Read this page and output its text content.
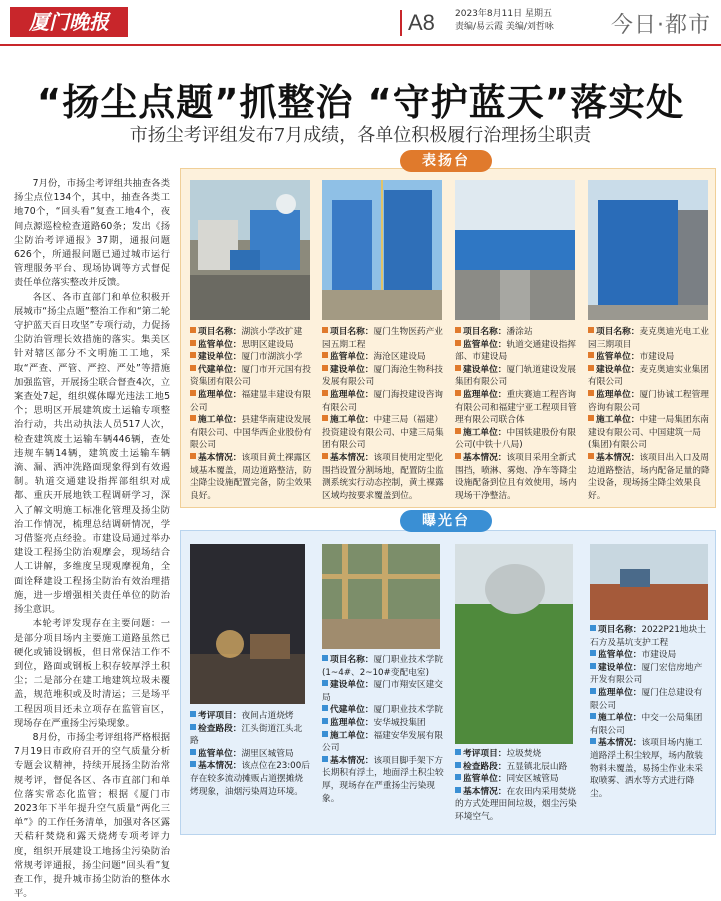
厦门晚报	A8 2023年8月11日 星期五
责编/易云霞 美编/刘哲咏	今日·都市
“扬尘点题”抓整治 “守护蓝天”落实处
市扬尘考评组发布7月成绩，各单位积极履行治理扬尘职责

7月份，市扬尘考评组共抽查各类扬尘点位134个，其中，抽查各类工地70个，“回头看”复查工地4个，夜间点源巡检检查道路60条；发出《扬尘防治考评通报》37期，通报问题626个，所通报问题已通过城市运行管理服务平台、现场协调等方式督促责任单位落实整改并反馈。

各区、各市直部门和单位积极开展城市“扬尘点题”整治工作和“第二轮守护蓝天百日攻坚”专项行动，力促扬尘防治管理长效措施的落实。集美区针对辖区部分不文明施工工地，采取“严查、严管、严控、严处”等措施加强监管，开展扬尘联合督查4次，立案查处7起，组织媒体曝光违法工地5个；思明区开展建筑废土运输专项整治行动，共出动执法人员517人次，检查建筑废土运输车辆446辆，查处违规车辆14辆，建筑废土运输车辆滴、漏、洒冲洗路面现象得到有效遏制。轨道交通建设指挥部组织对成都、重庆开展地铁工程调研学习，深入了解文明施工标准化管理及扬尘防治工作情况，梳理总结调研情况，学习借鉴亮点经验。市建设局通过举办建设工程扬尘防治观摩会，现场结合人工讲解，多维度呈现观摩视角，全面诠释建设工程扬尘防治有效治理措施，进一步增强相关责任单位的防治扬尘意识。

本轮考评发现存在主要问题：一是部分项目场内主要施工道路虽然已硬化或铺设钢板，但日常保洁工作不到位，路面或钢板上积存较厚浮土积尘；二是部分在建工地建筑垃圾未覆盖，规范堆积或及时清运；三是场平工程因项目还未立项存在监管盲区，现场存在严重扬尘污染现象。

8月份，市扬尘考评组将严格根据7月19日市政府召开的空气质量分析专题会议精神，持续开展扬尘防治常规考评，督促各区、各市直部门和单位落实常态化监管；根据《厦门市2023年下半年提升空气质量“两化三单”》的工作任务清单，加强对各区露天秸秆焚烧和露天烧烤专项考评力度，组织开展建设工地扬尘污染防治常规考评通报，扬尘问题“回头看”复查工作，提升城市扬尘防治的整体水平。

表扬台
项目名称：湖滨小学改扩建
监管单位：思明区建设局
建设单位：厦门市湖滨小学
代建单位：厦门市开元国有投资集团有限公司
监理单位：福建显丰建设有限公司
施工单位：县建华南建设发展有限公司、中国华西企业股份有限公司
基本情况：该项目黄土裸露区域基本覆盖，周边道路整洁，防尘降尘设施配置完备，防尘效果良好。
项目名称：厦门生物医药产业园五期工程
监管单位：海沧区建设局
建设单位：厦门海沧生物科技发展有限公司
监理单位：厦门海投建设咨询有限公司
施工单位：中建三局（福建）投资建设有限公司、中建三局集团有限公司
基本情况：该项目使用定型化围挡设置分割场地，配置防尘监测系统实行动态控制，黄土裸露区域均按要求覆盖到位。
项目名称：潘涂站
监管单位：轨道交通建设指挥部、市建设局
建设单位：厦门轨道建设发展集团有限公司
监理单位：重庆赛迪工程咨询有限公司和福建宁亚工程项目管理有限公司联合体
施工单位：中国铁建股份有限公司(中铁十八局)
基本情况：该项目采用全新式围挡，喷淋、雾炮、净车等降尘设施配备到位且有效使用，场内现场干净整洁。
项目名称：麦克奥迪光电工业园三期项目
监管单位：市建设局
建设单位：麦克奥迪实业集团有限公司
监理单位：厦门协诚工程管理咨询有限公司
施工单位：中建一局集团东南建设有限公司、中国建筑一局(集团)有限公司
基本情况：该项目出入口及周边道路整洁，场内配备足量的降尘设备，现场扬尘降尘效果良好。
曝光台
考评项目：夜间占道烧烤
检查路段：江头街道江头北路
监管单位：湖里区城管局
基本情况：该点位在23:00后存在较多流动摊贩占道摆摊烧烤现象，油烟污染周边环境。
项目名称：厦门职业技术学院(1~4#、2~10#变配电室)
建设单位：厦门市翔安区建交局
代建单位：厦门职业技术学院
监理单位：安华城投集团
施工单位：福建安华发展有限公司
基本情况：该项目脚手架下方长期积有浮土，地面浮土积尘较厚，现场存在严重扬尘污染现象。
考评项目：垃圾焚烧
检查路段：五显镇北辰山路
监管单位：同安区城管局
基本情况：在农田内采用焚烧的方式处理田间垃圾，烟尘污染环境空气。
项目名称：2022P21地块土石方及基坑支护工程
监管单位：市建设局
建设单位：厦门宏信房地产开发有限公司
监理单位：厦门住总建设有限公司
施工单位：中交一公局集团有限公司
基本情况：该项目场内施工道路浮土积尘较厚，场内散装物料未覆盖，易扬尘作业未采取喷雾、洒水等方式进行降尘。
